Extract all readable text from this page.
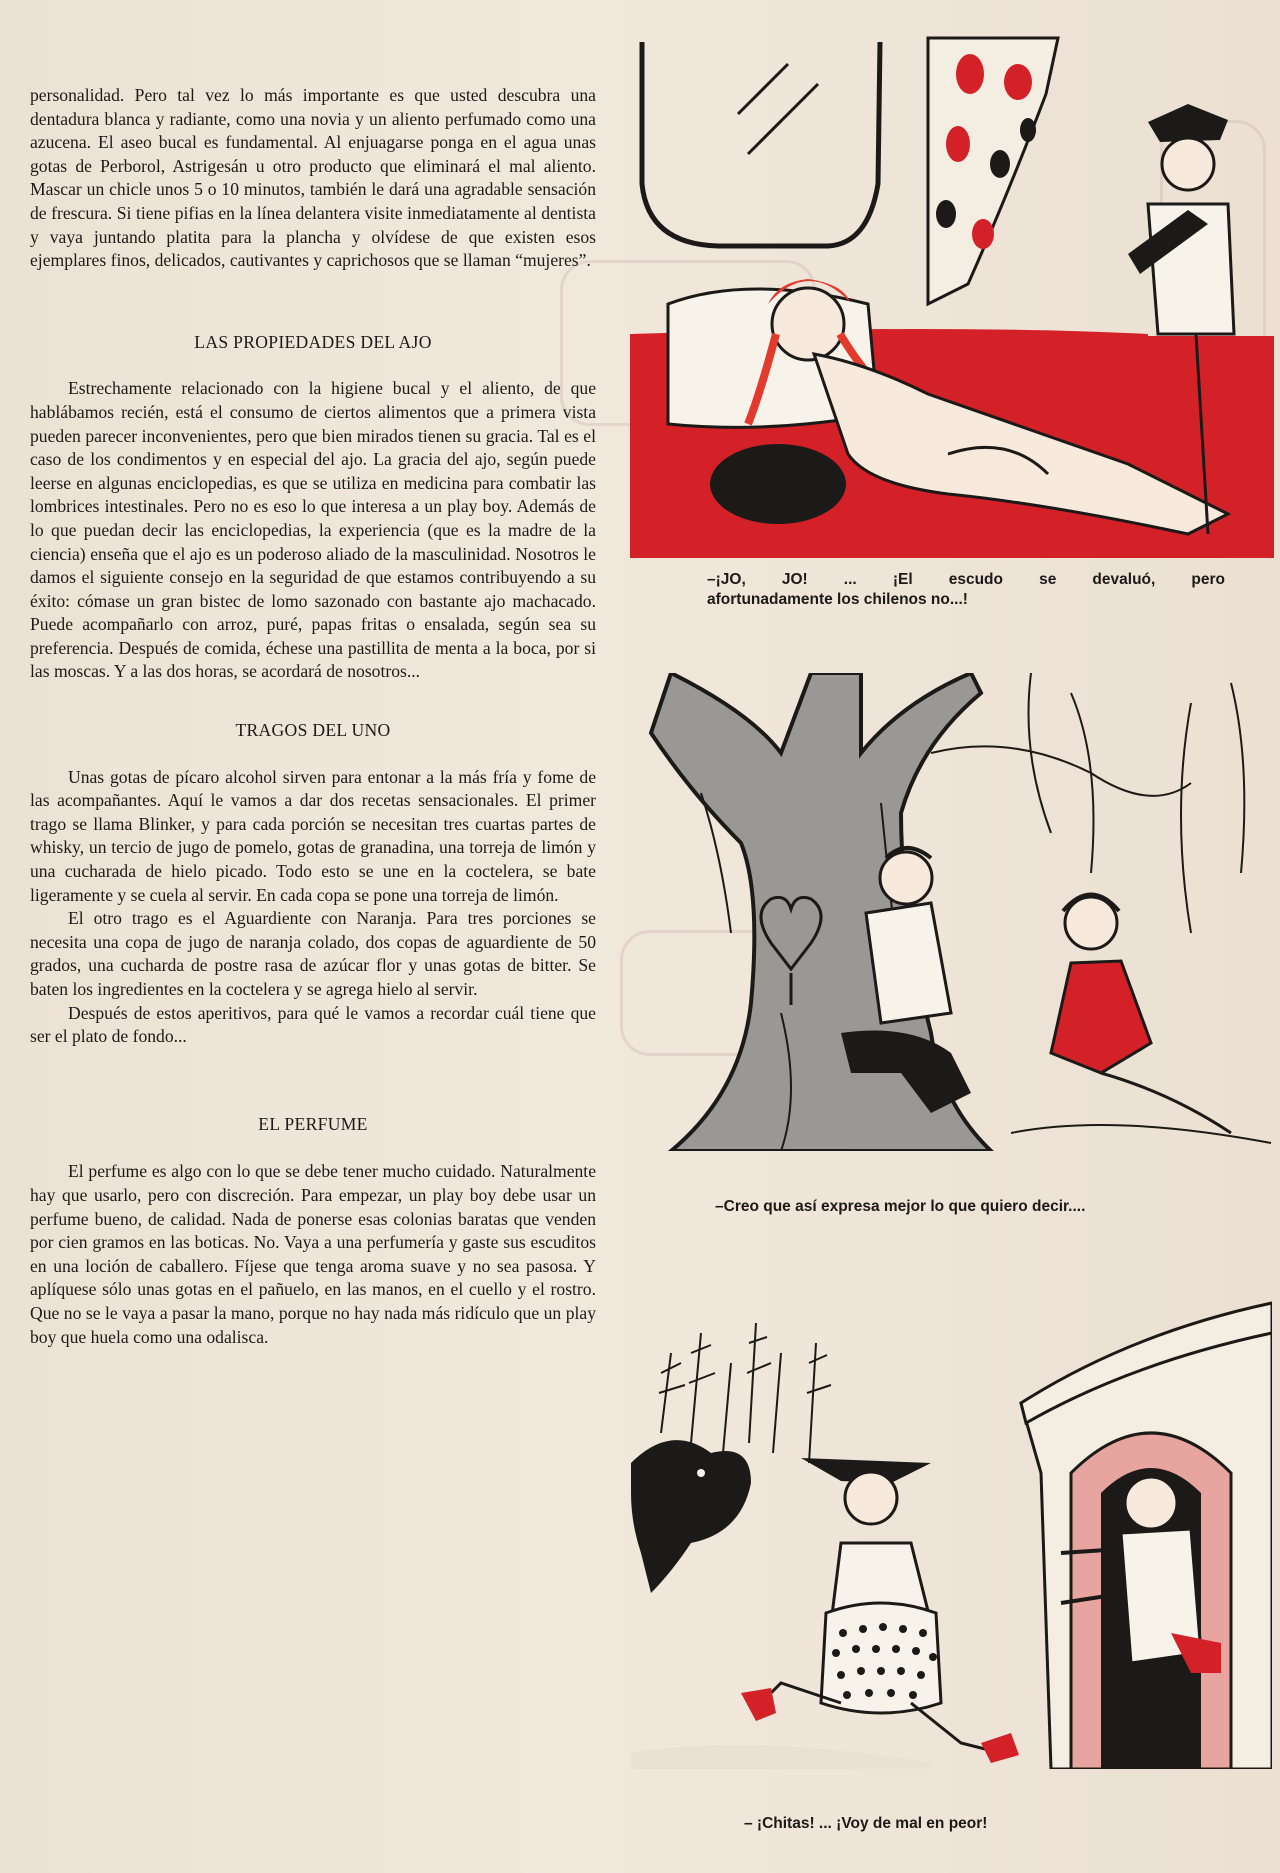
personalidad. Pero tal vez lo más importante es que usted descubra una dentadura blanca y radiante, como una novia y un aliento perfumado como una azucena. El aseo bucal es fundamental. Al enjuagarse ponga en el agua unas gotas de Perborol, Astrigesán u otro producto que eliminará el mal aliento. Mascar un chicle unos 5 o 10 minutos, también le dará una agradable sensación de frescura. Si tiene pifias en la línea delantera visite inmediatamente al dentista y vaya juntando platita para la plancha y olvídese de que existen esos ejemplares finos, delicados, cautivantes y caprichosos que se llaman “mujeres”.

LAS PROPIEDADES DEL AJO

Estrechamente relacionado con la higiene bucal y el aliento, de que hablábamos recién, está el consumo de ciertos alimentos que a primera vista pueden parecer inconvenientes, pero que bien mirados tienen su gracia. Tal es el caso de los condimentos y en especial del ajo. La gracia del ajo, según puede leerse en algunas enciclopedias, es que se utiliza en medicina para combatir las lombrices intestinales. Pero no es eso lo que interesa a un play boy. Además de lo que puedan decir las enciclopedias, la experiencia (que es la madre de la ciencia) enseña que el ajo es un poderoso aliado de la masculinidad. Nosotros le damos el siguiente consejo en la seguridad de que estamos contribuyendo a su éxito: cómase un gran bistec de lomo sazonado con bastante ajo machacado. Puede acompañarlo con arroz, puré, papas fritas o ensalada, según sea su preferencia. Después de comida, échese una pastillita de menta a la boca, por si las moscas. Y a las dos horas, se acordará de nosotros...

TRAGOS DEL UNO

Unas gotas de pícaro alcohol sirven para entonar a la más fría y fome de las acompañantes. Aquí le vamos a dar dos recetas sensacionales. El primer trago se llama Blinker, y para cada porción se necesitan tres cuartas partes de whisky, un tercio de jugo de pomelo, gotas de granadina, una torreja de limón y una cucharada de hielo picado. Todo esto se une en la coctelera, se bate ligeramente y se cuela al servir. En cada copa se pone una torreja de limón.

El otro trago es el Aguardiente con Naranja. Para tres porciones se necesita una copa de jugo de naranja colado, dos copas de aguardiente de 50 grados, una cucharda de postre rasa de azúcar flor y unas gotas de bitter. Se baten los ingredientes en la coctelera y se agrega hielo al servir.

Después de estos aperitivos, para qué le vamos a recordar cuál tiene que ser el plato de fondo...

EL PERFUME

El perfume es algo con lo que se debe tener mucho cuidado. Naturalmente hay que usarlo, pero con discreción. Para empezar, un play boy debe usar un perfume bueno, de calidad. Nada de ponerse esas colonias baratas que venden por cien gramos en las boticas. No. Vaya a una perfumería y gaste sus escuditos en una loción de caballero. Fíjese que tenga aroma suave y no sea pasosa. Y aplíquese sólo unas gotas en el pañuelo, en las manos, en el cuello y el rostro. Que no se le vaya a pasar la mano, porque no hay nada más ridículo que un play boy que huela como una odalisca.

–¡JO, JO! ... ¡El escudo se devaluó, pero
afortunadamente los chilenos no...!
–Creo que así expresa mejor lo que quiero decir....
– ¡Chitas! ... ¡Voy de mal en peor!
